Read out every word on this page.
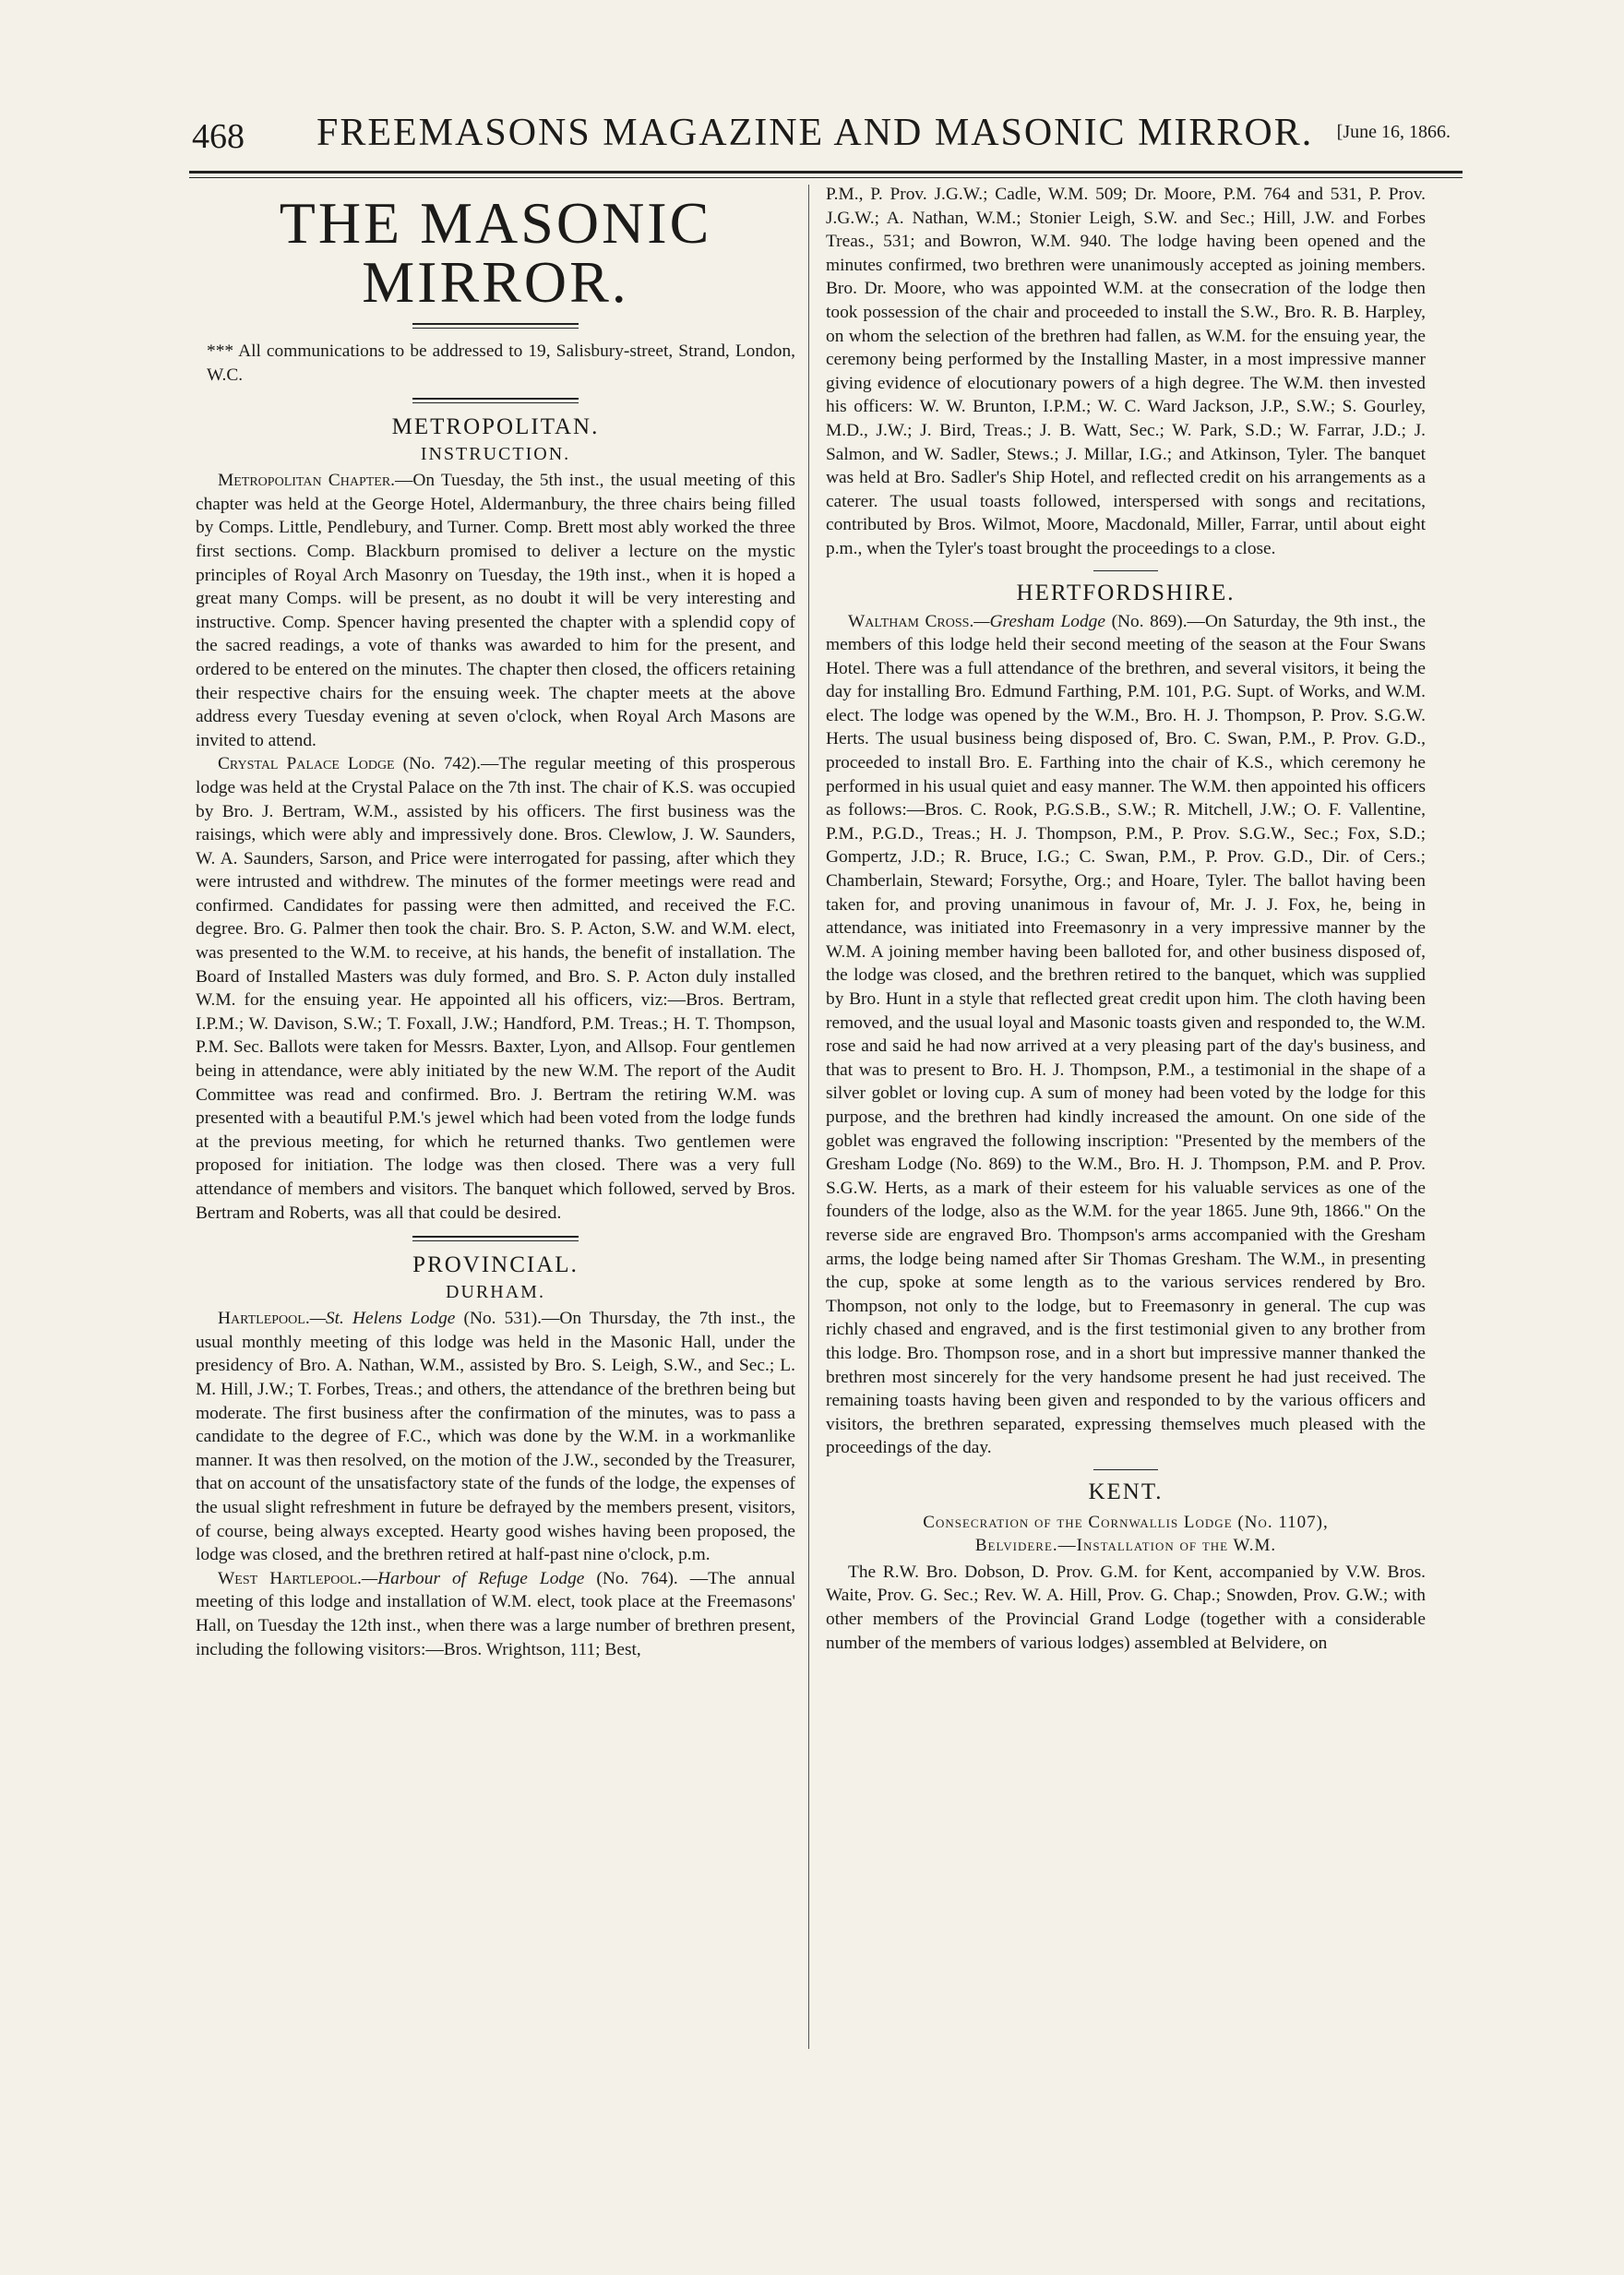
468 FREEMASONS MAGAZINE AND MASONIC MIRROR. [June 16, 1866.
THE MASONIC MIRROR.

*** All communications to be addressed to 19, Salisbury-street, Strand, London, W.C.

METROPOLITAN.
INSTRUCTION.

Metropolitan Chapter.—On Tuesday, the 5th inst., the usual meeting of this chapter was held at the George Hotel, Aldermanbury, the three chairs being filled by Comps. Little, Pendlebury, and Turner. Comp. Brett most ably worked the three first sections. Comp. Blackburn promised to deliver a lecture on the mystic principles of Royal Arch Masonry on Tuesday, the 19th inst., when it is hoped a great many Comps. will be present, as no doubt it will be very interesting and instructive. Comp. Spencer having presented the chapter with a splendid copy of the sacred readings, a vote of thanks was awarded to him for the present, and ordered to be entered on the minutes. The chapter then closed, the officers retaining their respective chairs for the ensuing week. The chapter meets at the above address every Tuesday evening at seven o'clock, when Royal Arch Masons are invited to attend.

Crystal Palace Lodge (No. 742).—The regular meeting of this prosperous lodge was held at the Crystal Palace on the 7th inst. The chair of K.S. was occupied by Bro. J. Bertram, W.M., assisted by his officers. The first business was the raisings, which were ably and impressively done. Bros. Clewlow, J. W. Saunders, W. A. Saunders, Sarson, and Price were interrogated for passing, after which they were intrusted and withdrew. The minutes of the former meetings were read and confirmed. Candidates for passing were then admitted, and received the F.C. degree. Bro. G. Palmer then took the chair. Bro. S. P. Acton, S.W. and W.M. elect, was presented to the W.M. to receive, at his hands, the benefit of installation. The Board of Installed Masters was duly formed, and Bro. S. P. Acton duly installed W.M. for the ensuing year. He appointed all his officers, viz:—Bros. Bertram, I.P.M.; W. Davison, S.W.; T. Foxall, J.W.; Handford, P.M. Treas.; H. T. Thompson, P.M. Sec. Ballots were taken for Messrs. Baxter, Lyon, and Allsop. Four gentlemen being in attendance, were ably initiated by the new W.M. The report of the Audit Committee was read and confirmed. Bro. J. Bertram the retiring W.M. was presented with a beautiful P.M.'s jewel which had been voted from the lodge funds at the previous meeting, for which he returned thanks. Two gentlemen were proposed for initiation. The lodge was then closed. There was a very full attendance of members and visitors. The banquet which followed, served by Bros. Bertram and Roberts, was all that could be desired.

PROVINCIAL.
DURHAM.

Hartlepool.—St. Helens Lodge (No. 531).—On Thursday, the 7th inst., the usual monthly meeting of this lodge was held in the Masonic Hall, under the presidency of Bro. A. Nathan, W.M., assisted by Bro. S. Leigh, S.W., and Sec.; L. M. Hill, J.W.; T. Forbes, Treas.; and others, the attendance of the brethren being but moderate. The first business after the confirmation of the minutes, was to pass a candidate to the degree of F.C., which was done by the W.M. in a workmanlike manner. It was then resolved, on the motion of the J.W., seconded by the Treasurer, that on account of the unsatisfactory state of the funds of the lodge, the expenses of the usual slight refreshment in future be defrayed by the members present, visitors, of course, being always excepted. Hearty good wishes having been proposed, the lodge was closed, and the brethren retired at half-past nine o'clock, p.m.

West Hartlepool.—Harbour of Refuge Lodge (No. 764). —The annual meeting of this lodge and installation of W.M. elect, took place at the Freemasons' Hall, on Tuesday the 12th inst., when there was a large number of brethren present, including the following visitors:—Bros. Wrightson, 111; Best,

P.M., P. Prov. J.G.W.; Cadle, W.M. 509; Dr. Moore, P.M. 764 and 531, P. Prov. J.G.W.; A. Nathan, W.M.; Stonier Leigh, S.W. and Sec.; Hill, J.W. and Forbes Treas., 531; and Bowron, W.M. 940. The lodge having been opened and the minutes confirmed, two brethren were unanimously accepted as joining members. Bro. Dr. Moore, who was appointed W.M. at the consecration of the lodge then took possession of the chair and proceeded to install the S.W., Bro. R. B. Harpley, on whom the selection of the brethren had fallen, as W.M. for the ensuing year, the ceremony being performed by the Installing Master, in a most impressive manner giving evidence of elocutionary powers of a high degree. The W.M. then invested his officers: W. W. Brunton, I.P.M.; W. C. Ward Jackson, J.P., S.W.; S. Gourley, M.D., J.W.; J. Bird, Treas.; J. B. Watt, Sec.; W. Park, S.D.; W. Farrar, J.D.; J. Salmon, and W. Sadler, Stews.; J. Millar, I.G.; and Atkinson, Tyler. The banquet was held at Bro. Sadler's Ship Hotel, and reflected credit on his arrangements as a caterer. The usual toasts followed, interspersed with songs and recitations, contributed by Bros. Wilmot, Moore, Macdonald, Miller, Farrar, until about eight p.m., when the Tyler's toast brought the proceedings to a close.

HERTFORDSHIRE.

Waltham Cross.—Gresham Lodge (No. 869).—On Saturday, the 9th inst., the members of this lodge held their second meeting of the season at the Four Swans Hotel. There was a full attendance of the brethren, and several visitors, it being the day for installing Bro. Edmund Farthing, P.M. 101, P.G. Supt. of Works, and W.M. elect. The lodge was opened by the W.M., Bro. H. J. Thompson, P. Prov. S.G.W. Herts. The usual business being disposed of, Bro. C. Swan, P.M., P. Prov. G.D., proceeded to install Bro. E. Farthing into the chair of K.S., which ceremony he performed in his usual quiet and easy manner. The W.M. then appointed his officers as follows:—Bros. C. Rook, P.G.S.B., S.W.; R. Mitchell, J.W.; O. F. Vallentine, P.M., P.G.D., Treas.; H. J. Thompson, P.M., P. Prov. S.G.W., Sec.; Fox, S.D.; Gompertz, J.D.; R. Bruce, I.G.; C. Swan, P.M., P. Prov. G.D., Dir. of Cers.; Chamberlain, Steward; Forsythe, Org.; and Hoare, Tyler. The ballot having been taken for, and proving unanimous in favour of, Mr. J. J. Fox, he, being in attendance, was initiated into Freemasonry in a very impressive manner by the W.M. A joining member having been balloted for, and other business disposed of, the lodge was closed, and the brethren retired to the banquet, which was supplied by Bro. Hunt in a style that reflected great credit upon him. The cloth having been removed, and the usual loyal and Masonic toasts given and responded to, the W.M. rose and said he had now arrived at a very pleasing part of the day's business, and that was to present to Bro. H. J. Thompson, P.M., a testimonial in the shape of a silver goblet or loving cup. A sum of money had been voted by the lodge for this purpose, and the brethren had kindly increased the amount. On one side of the goblet was engraved the following inscription: "Presented by the members of the Gresham Lodge (No. 869) to the W.M., Bro. H. J. Thompson, P.M. and P. Prov. S.G.W. Herts, as a mark of their esteem for his valuable services as one of the founders of the lodge, also as the W.M. for the year 1865. June 9th, 1866." On the reverse side are engraved Bro. Thompson's arms accompanied with the Gresham arms, the lodge being named after Sir Thomas Gresham. The W.M., in presenting the cup, spoke at some length as to the various services rendered by Bro. Thompson, not only to the lodge, but to Freemasonry in general. The cup was richly chased and engraved, and is the first testimonial given to any brother from this lodge. Bro. Thompson rose, and in a short but impressive manner thanked the brethren most sincerely for the very handsome present he had just received. The remaining toasts having been given and responded to by the various officers and visitors, the brethren separated, expressing themselves much pleased with the proceedings of the day.

KENT.
Consecration of the Cornwallis Lodge (No. 1107),
Belvidere.—Installation of the W.M.

The R.W. Bro. Dobson, D. Prov. G.M. for Kent, accompanied by V.W. Bros. Waite, Prov. G. Sec.; Rev. W. A. Hill, Prov. G. Chap.; Snowden, Prov. G.W.; with other members of the Provincial Grand Lodge (together with a considerable number of the members of various lodges) assembled at Belvidere, on
